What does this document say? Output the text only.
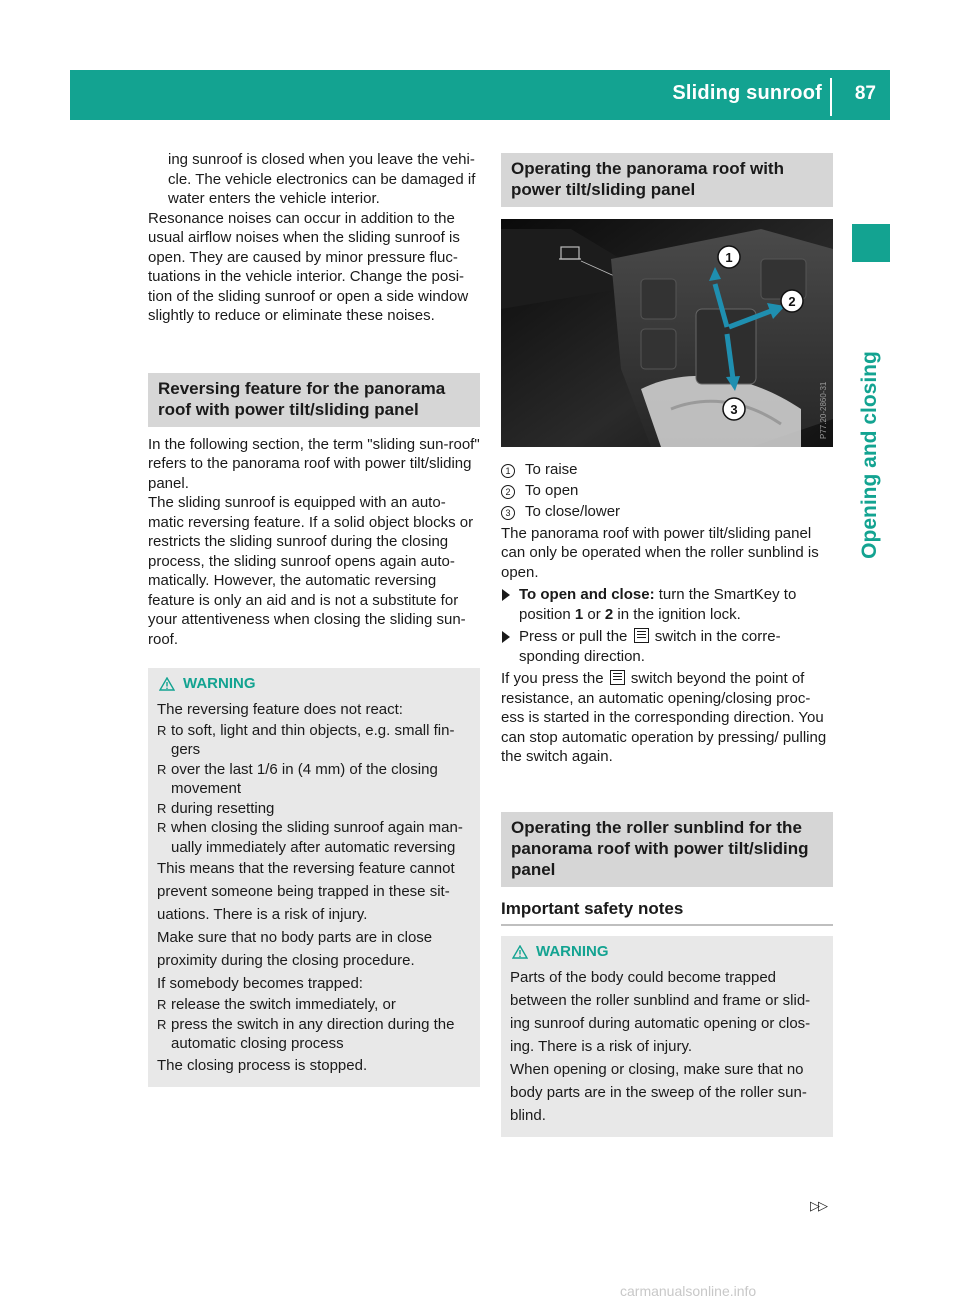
Sliding sunroof 87
Opening and closing

ing sunroof is closed when you leave the vehi-cle. The vehicle electronics can be damaged if water enters the vehicle interior.

Resonance noises can occur in addition to the usual airflow noises when the sliding sunroof is open. They are caused by minor pressure fluc-tuations in the vehicle interior. Change the posi-tion of the sliding sunroof or open a side window slightly to reduce or eliminate these noises.

Reversing feature for the panorama roof with power tilt/sliding panel

In the following section, the term "sliding sun-roof" refers to the panorama roof with power tilt/sliding panel.

The sliding sunroof is equipped with an auto-matic reversing feature. If a solid object blocks or restricts the sliding sunroof during the closing process, the sliding sunroof opens again auto-matically. However, the automatic reversing feature is only an aid and is not a substitute for your attentiveness when closing the sliding sun-roof.

WARNING

The reversing feature does not react:

R to soft, light and thin objects, e.g. small fin-gers
R over the last 1/6 in (4 mm) of the closing movement
R during resetting
R when closing the sliding sunroof again man-ually immediately after automatic reversing

This means that the reversing feature cannot prevent someone being trapped in these sit-uations. There is a risk of injury.

Make sure that no body parts are in close proximity during the closing procedure.

If somebody becomes trapped:

R release the switch immediately, or
R press the switch in any direction during the automatic closing process

The closing process is stopped.

Operating the panorama roof with power tilt/sliding panel
1
2
3	P77.20-2860-31
1 To raise
2 To open
3 To close/lower

The panorama roof with power tilt/sliding panel can only be operated when the roller sunblind is open.

To open and close: turn the SmartKey to position 1 or 2 in the ignition lock.
Press or pull the  switch in the corre-sponding direction.

If you press the  switch beyond the point of resistance, an automatic opening/closing proc-ess is started in the corresponding direction. You can stop automatic operation by pressing/ pulling the switch again.

Operating the roller sunblind for the panorama roof with power tilt/sliding panel
Important safety notes
WARNING

Parts of the body could become trapped between the roller sunblind and frame or slid-ing sunroof during automatic opening or clos-ing. There is a risk of injury.

When opening or closing, make sure that no body parts are in the sweep of the roller sun-blind.

▷▷
carmanualsonline.info
